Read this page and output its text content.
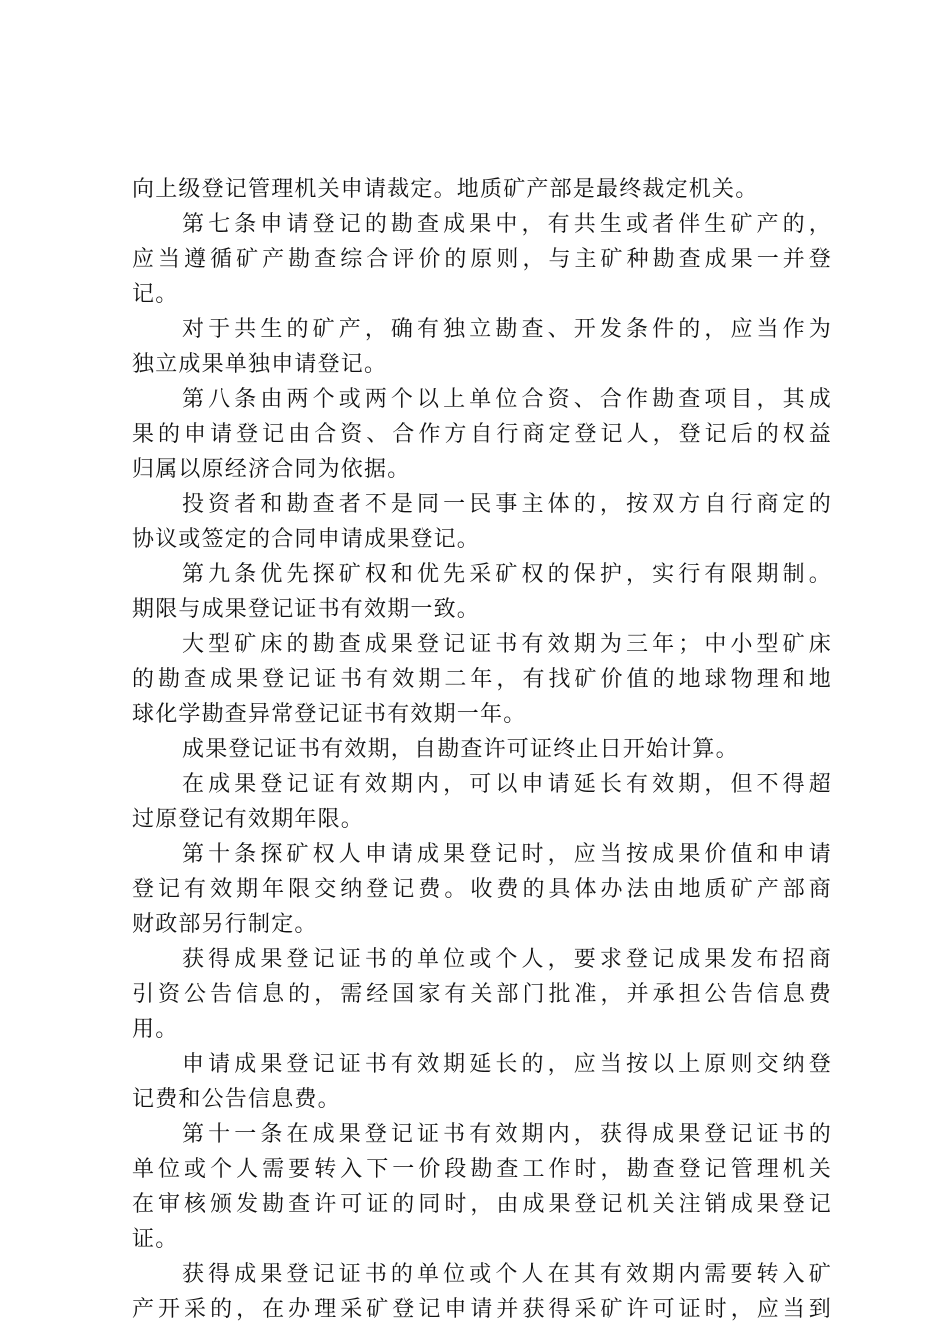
向上级登记管理机关申请裁定。地质矿产部是最终裁定机关。
第七条申请登记的勘查成果中，有共生或者伴生矿产的，
应当遵循矿产勘查综合评价的原则，与主矿种勘查成果一并登
记。
对于共生的矿产，确有独立勘查、开发条件的，应当作为
独立成果单独申请登记。
第八条由两个或两个以上单位合资、合作勘查项目，其成
果的申请登记由合资、合作方自行商定登记人，登记后的权益
归属以原经济合同为依据。
投资者和勘查者不是同一民事主体的，按双方自行商定的
协议或签定的合同申请成果登记。
第九条优先探矿权和优先采矿权的保护，实行有限期制。
期限与成果登记证书有效期一致。
大型矿床的勘查成果登记证书有效期为三年；中小型矿床
的勘查成果登记证书有效期二年，有找矿价值的地球物理和地
球化学勘查异常登记证书有效期一年。
成果登记证书有效期，自勘查许可证终止日开始计算。
在成果登记证有效期内，可以申请延长有效期，但不得超
过原登记有效期年限。
第十条探矿权人申请成果登记时，应当按成果价值和申请
登记有效期年限交纳登记费。收费的具体办法由地质矿产部商
财政部另行制定。
获得成果登记证书的单位或个人，要求登记成果发布招商
引资公告信息的，需经国家有关部门批准，并承担公告信息费
用。
申请成果登记证书有效期延长的，应当按以上原则交纳登
记费和公告信息费。
第十一条在成果登记证书有效期内，获得成果登记证书的
单位或个人需要转入下一价段勘查工作时，勘查登记管理机关
在审核颁发勘查许可证的同时，由成果登记机关注销成果登记
证。
获得成果登记证书的单位或个人在其有效期内需要转入矿
产开采的，在办理采矿登记申请并获得采矿许可证时，应当到
